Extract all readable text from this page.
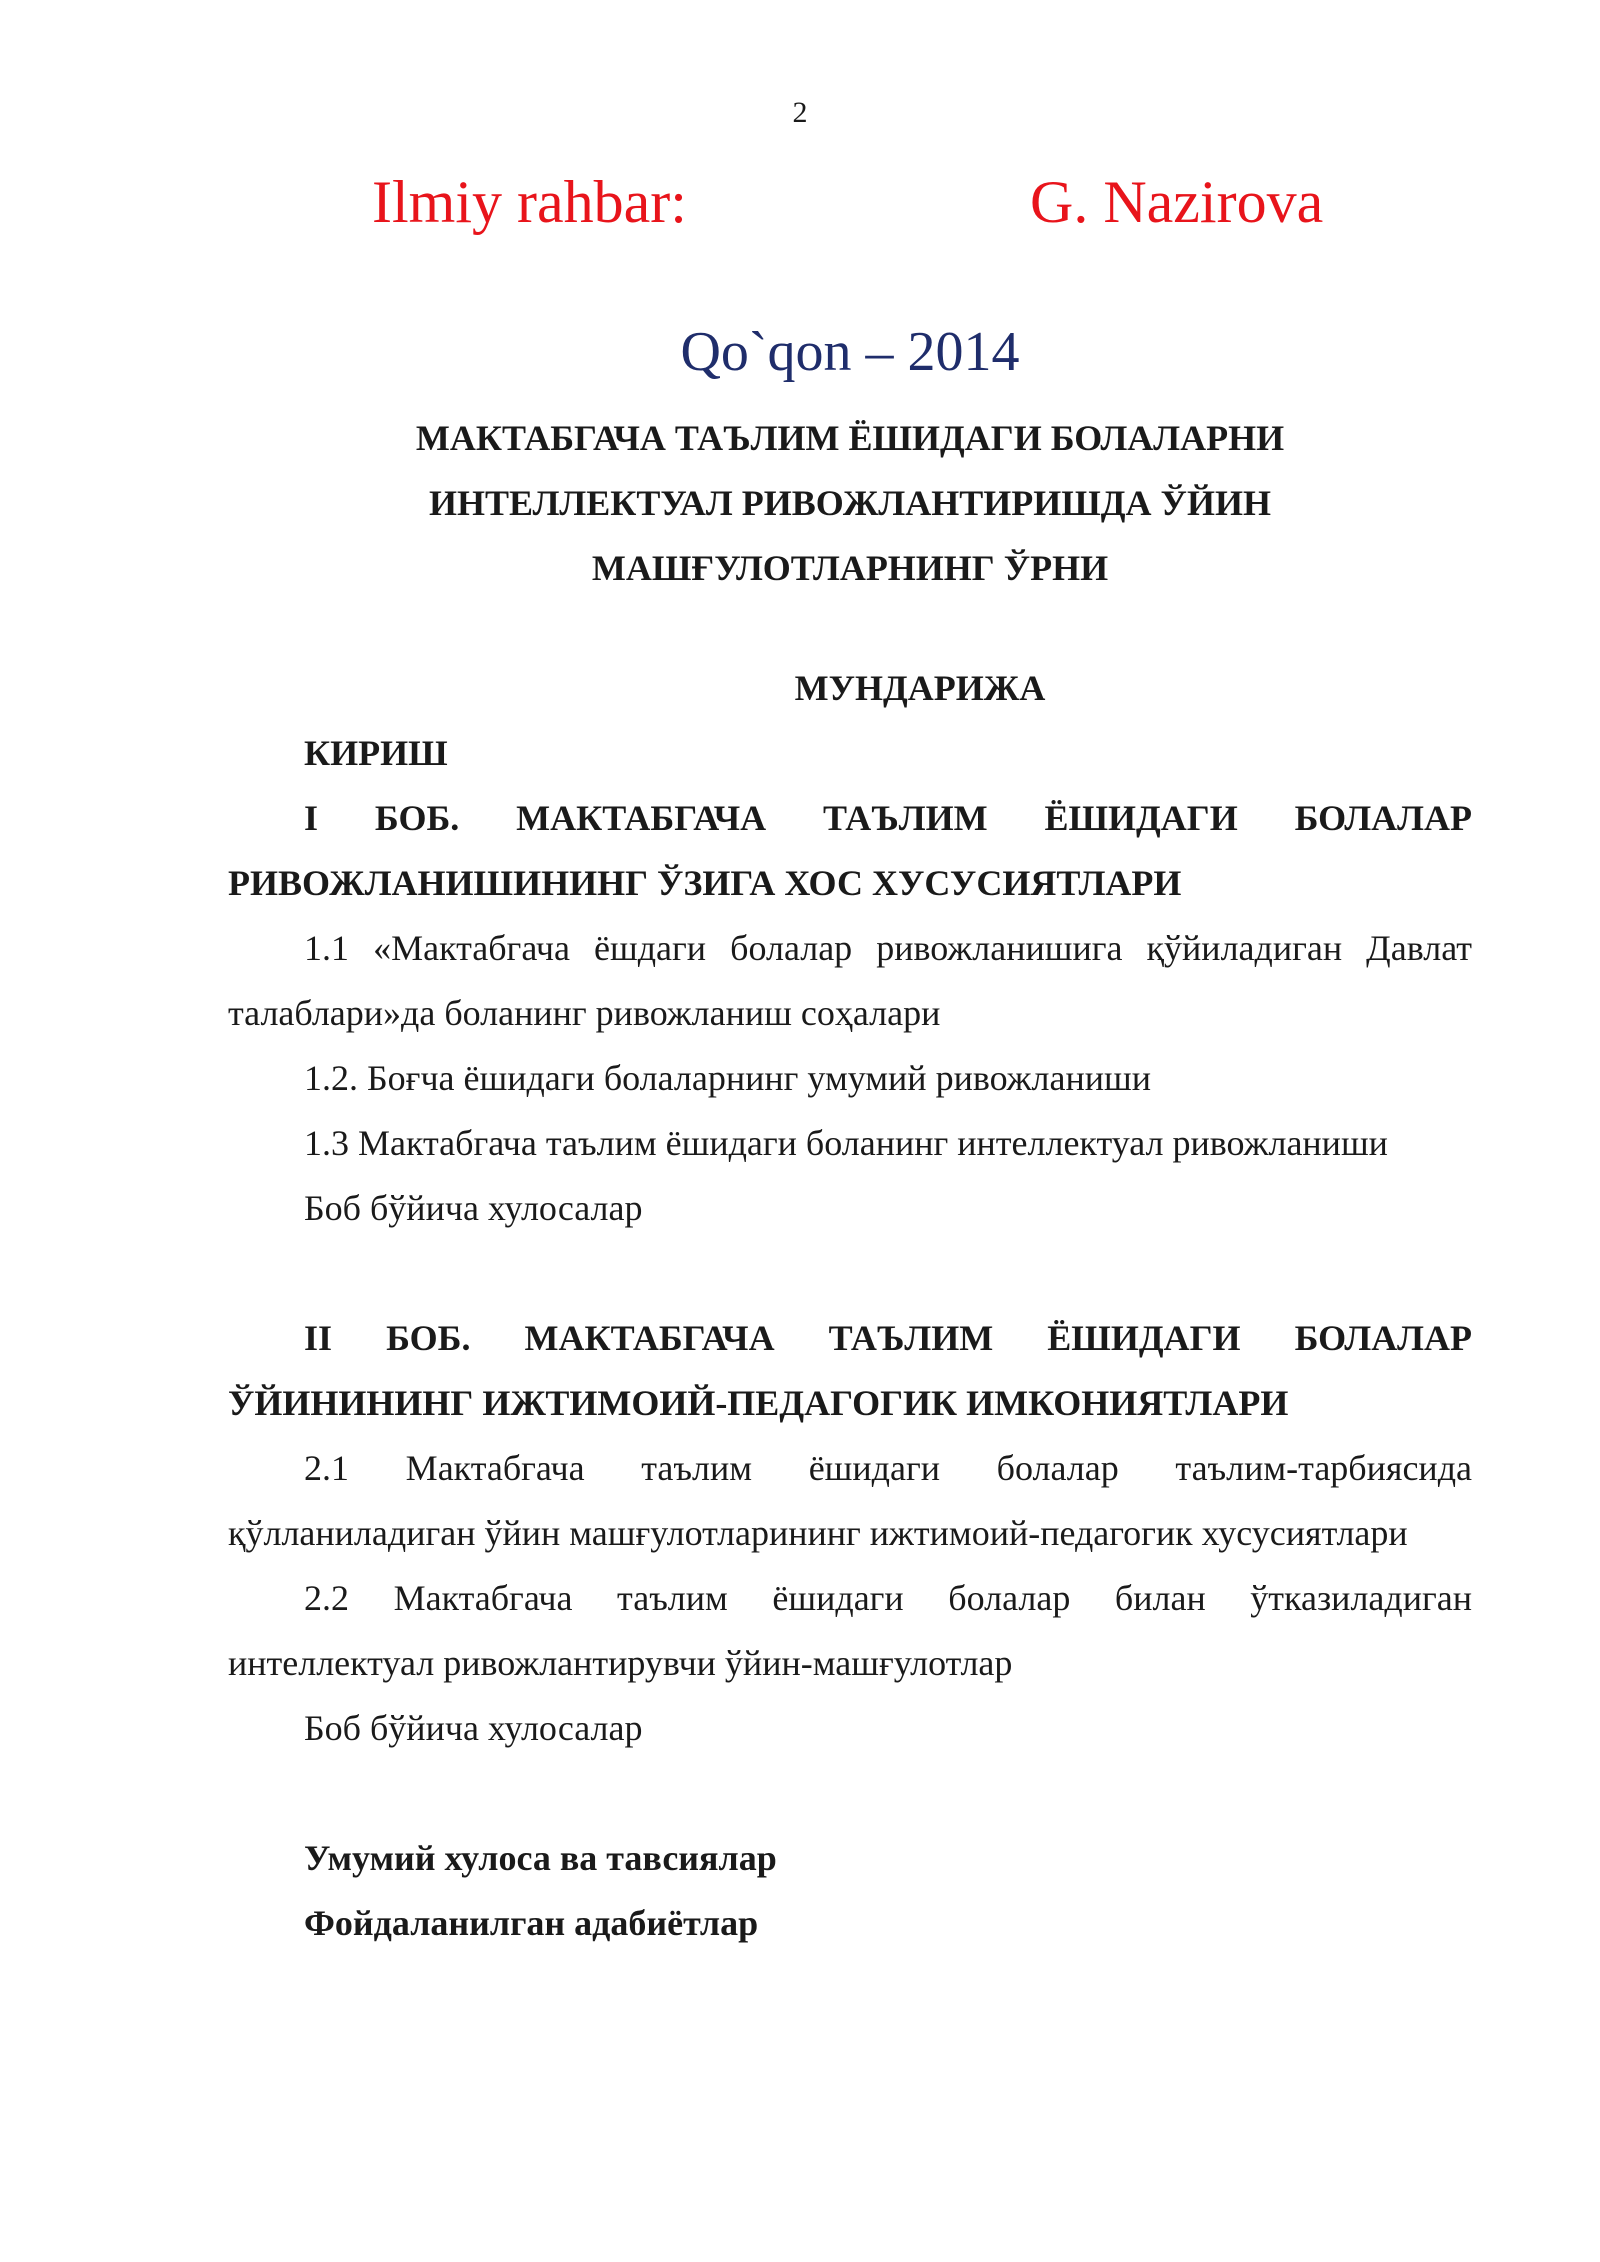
2
Ilmiy rahbar:	G. Nazirova
Qo`qon – 2014
МАКТАБГАЧА ТАЪЛИМ ЁШИДАГИ БОЛАЛАРНИ
ИНТЕЛЛЕКТУАЛ РИВОЖЛАНТИРИШДА ЎЙИН
МАШҒУЛОТЛАРНИНГ ЎРНИ

МУНДАРИЖА

КИРИШ

I БОБ. МАКТАБГАЧА ТАЪЛИМ ЁШИДАГИ БОЛАЛАР РИВОЖЛАНИШИНИНГ ЎЗИГА ХОС ХУСУСИЯТЛАРИ

1.1 «Мактабгача ёшдаги болалар ривожланишига қўйиладиган Давлат талаблари»да боланинг ривожланиш соҳалари

1.2. Боғча ёшидаги болаларнинг умумий ривожланиши

1.3 Мактабгача таълим ёшидаги боланинг интеллектуал ривожланиши

Боб бўйича хулосалар

II БОБ. МАКТАБГАЧА ТАЪЛИМ ЁШИДАГИ БОЛАЛАР ЎЙИНИНИНГ ИЖТИМОИЙ-ПЕДАГОГИК ИМКОНИЯТЛАРИ

2.1 Мактабгача таълим ёшидаги болалар таълим-тарбиясида қўлланиладиган ўйин машғулотларининг ижтимоий-педагогик хусусиятлари

2.2 Мактабгача таълим ёшидаги болалар билан ўтказиладиган интеллектуал ривожлантирувчи ўйин-машғулотлар

Боб бўйича хулосалар

Умумий хулоса ва тавсиялар

Фойдаланилган адабиётлар
